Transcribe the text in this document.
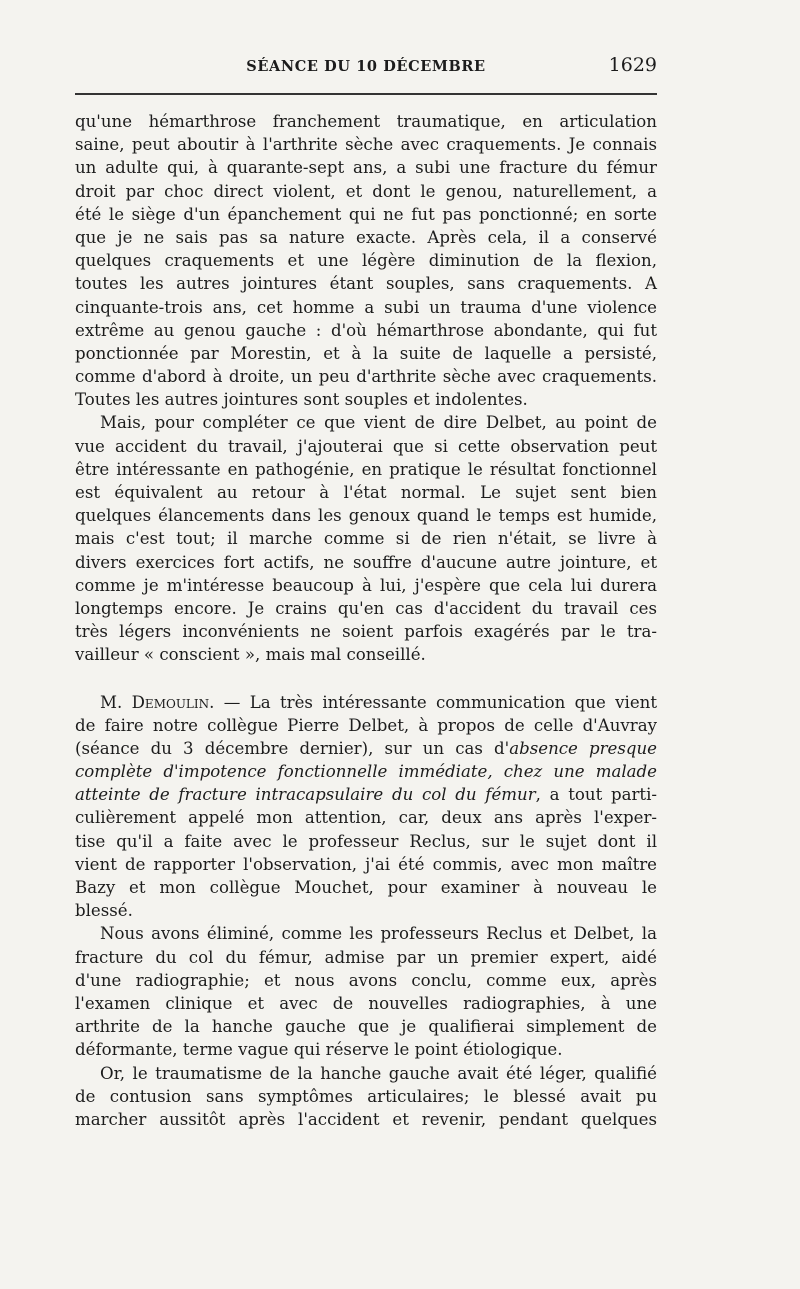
SÉANCE DU 10 DÉCEMBRE	1629
qu'une hémarthrose franchement traumatique, en articulation
saine, peut aboutir à l'arthrite sèche avec craquements. Je connais
un adulte qui, à quarante-sept ans, a subi une fracture du fémur
droit par choc direct violent, et dont le genou, naturellement, a
été le siège d'un épanchement qui ne fut pas ponctionné; en sorte
que je ne sais pas sa nature exacte. Après cela, il a conservé
quelques craquements et une légère diminution de la flexion,
toutes les autres jointures étant souples, sans craquements. A
cinquante-trois ans, cet homme a subi un trauma d'une violence
extrême au genou gauche : d'où hémarthrose abondante, qui fut
ponctionnée par Morestin, et à la suite de laquelle a persisté,
comme d'abord à droite, un peu d'arthrite sèche avec craquements.
Toutes les autres jointures sont souples et indolentes.
Mais, pour compléter ce que vient de dire Delbet, au point de
vue accident du travail, j'ajouterai que si cette observation peut
être intéressante en pathogénie, en pratique le résultat fonctionnel
est équivalent au retour à l'état normal. Le sujet sent bien
quelques élancements dans les genoux quand le temps est humide,
mais c'est tout; il marche comme si de rien n'était, se livre à
divers exercices fort actifs, ne souffre d'aucune autre jointure, et
comme je m'intéresse beaucoup à lui, j'espère que cela lui durera
longtemps encore. Je crains qu'en cas d'accident du travail ces
très légers inconvénients ne soient parfois exagérés par le tra-
vailleur « conscient », mais mal conseillé.
M. Demoulin. — La très intéressante communication que vient
de faire notre collègue Pierre Delbet, à propos de celle d'Auvray
(séance du 3 décembre dernier), sur un cas d'absence presque
complète d'impotence fonctionnelle immédiate, chez une malade
atteinte de fracture intracapsulaire du col du fémur, a tout parti-
culièrement appelé mon attention, car, deux ans après l'exper-
tise qu'il a faite avec le professeur Reclus, sur le sujet dont il
vient de rapporter l'observation, j'ai été commis, avec mon maître
Bazy et mon collègue Mouchet, pour examiner à nouveau le
blessé.
Nous avons éliminé, comme les professeurs Reclus et Delbet, la
fracture du col du fémur, admise par un premier expert, aidé
d'une radiographie; et nous avons conclu, comme eux, après
l'examen clinique et avec de nouvelles radiographies, à une
arthrite de la hanche gauche que je qualifierai simplement de
déformante, terme vague qui réserve le point étiologique.
Or, le traumatisme de la hanche gauche avait été léger, qualifié
de contusion sans symptômes articulaires; le blessé avait pu
marcher aussitôt après l'accident et revenir, pendant quelques
